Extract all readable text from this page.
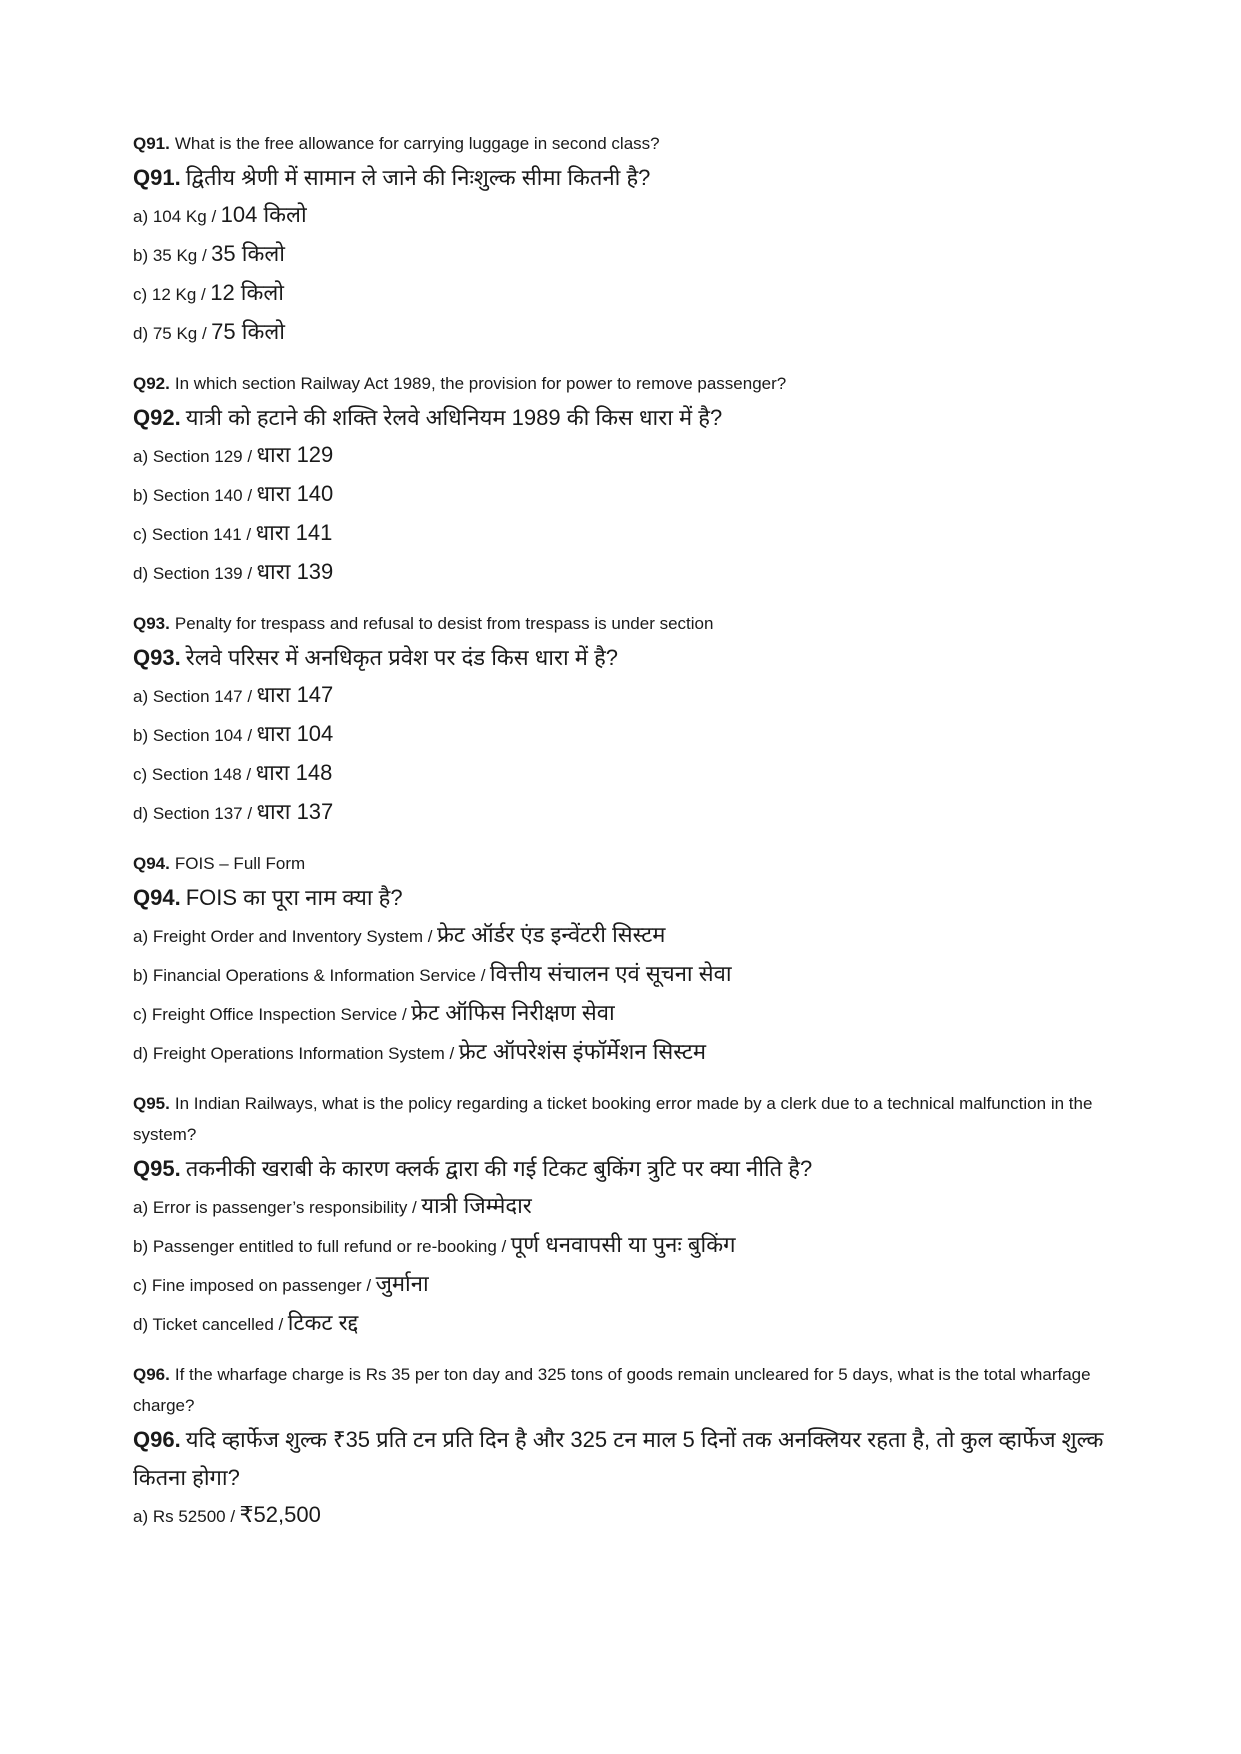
Q91. What is the free allowance for carrying luggage in second class?

Q91. द्वितीय श्रेणी में सामान ले जाने की निःशुल्क सीमा कितनी है?

a) 104 Kg / 104 किलो

b) 35 Kg / 35 किलो

c) 12 Kg / 12 किलो

d) 75 Kg / 75 किलो

Q92. In which section Railway Act 1989, the provision for power to remove passenger?

Q92. यात्री को हटाने की शक्ति रेलवे अधिनियम 1989 की किस धारा में है?

a) Section 129 / धारा 129

b) Section 140 / धारा 140

c) Section 141 / धारा 141

d) Section 139 / धारा 139

Q93. Penalty for trespass and refusal to desist from trespass is under section

Q93. रेलवे परिसर में अनधिकृत प्रवेश पर दंड किस धारा में है?

a) Section 147 / धारा 147

b) Section 104 / धारा 104

c) Section 148 / धारा 148

d) Section 137 / धारा 137

Q94. FOIS – Full Form

Q94. FOIS का पूरा नाम क्या है?

a) Freight Order and Inventory System / फ्रेट ऑर्डर एंड इन्वेंटरी सिस्टम

b) Financial Operations & Information Service / वित्तीय संचालन एवं सूचना सेवा

c) Freight Office Inspection Service / फ्रेट ऑफिस निरीक्षण सेवा

d) Freight Operations Information System / फ्रेट ऑपरेशंस इंफॉर्मेशन सिस्टम

Q95. In Indian Railways, what is the policy regarding a ticket booking error made by a clerk due to a technical malfunction in the system?

Q95. तकनीकी खराबी के कारण क्लर्क द्वारा की गई टिकट बुकिंग त्रुटि पर क्या नीति है?

a) Error is passenger’s responsibility / यात्री जिम्मेदार

b) Passenger entitled to full refund or re-booking / पूर्ण धनवापसी या पुनः बुकिंग

c) Fine imposed on passenger / जुर्माना

d) Ticket cancelled / टिकट रद्द

Q96. If the wharfage charge is Rs 35 per ton day and 325 tons of goods remain uncleared for 5 days, what is the total wharfage charge?

Q96. यदि व्हार्फेज शुल्क ₹35 प्रति टन प्रति दिन है और 325 टन माल 5 दिनों तक अनक्लियर रहता है, तो कुल व्हार्फेज शुल्क कितना होगा?

a) Rs 52500 / ₹52,500
